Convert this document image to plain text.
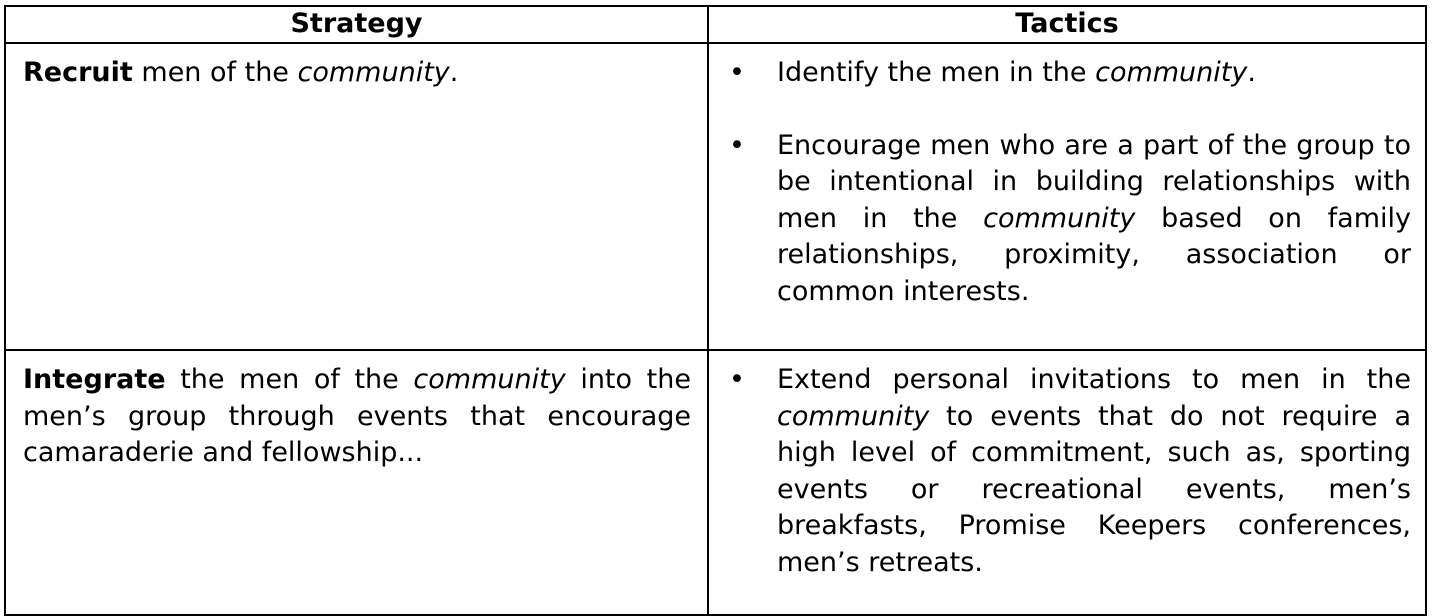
Strategy	Tactics

Recruit men of the community.	• Identify the men in the community.
• Encourage men who are a part of the group to be intentional in building relationships with men in the community based on family relationships, proximity, association or common interests.

Integrate the men of the community into the men’s group through events that encourage camaraderie and fellowship...	• Extend personal invitations to men in the community to events that do not require a high level of commitment, such as, sporting events or recreational events, men’s breakfasts, Promise Keepers conferences, men’s retreats.
